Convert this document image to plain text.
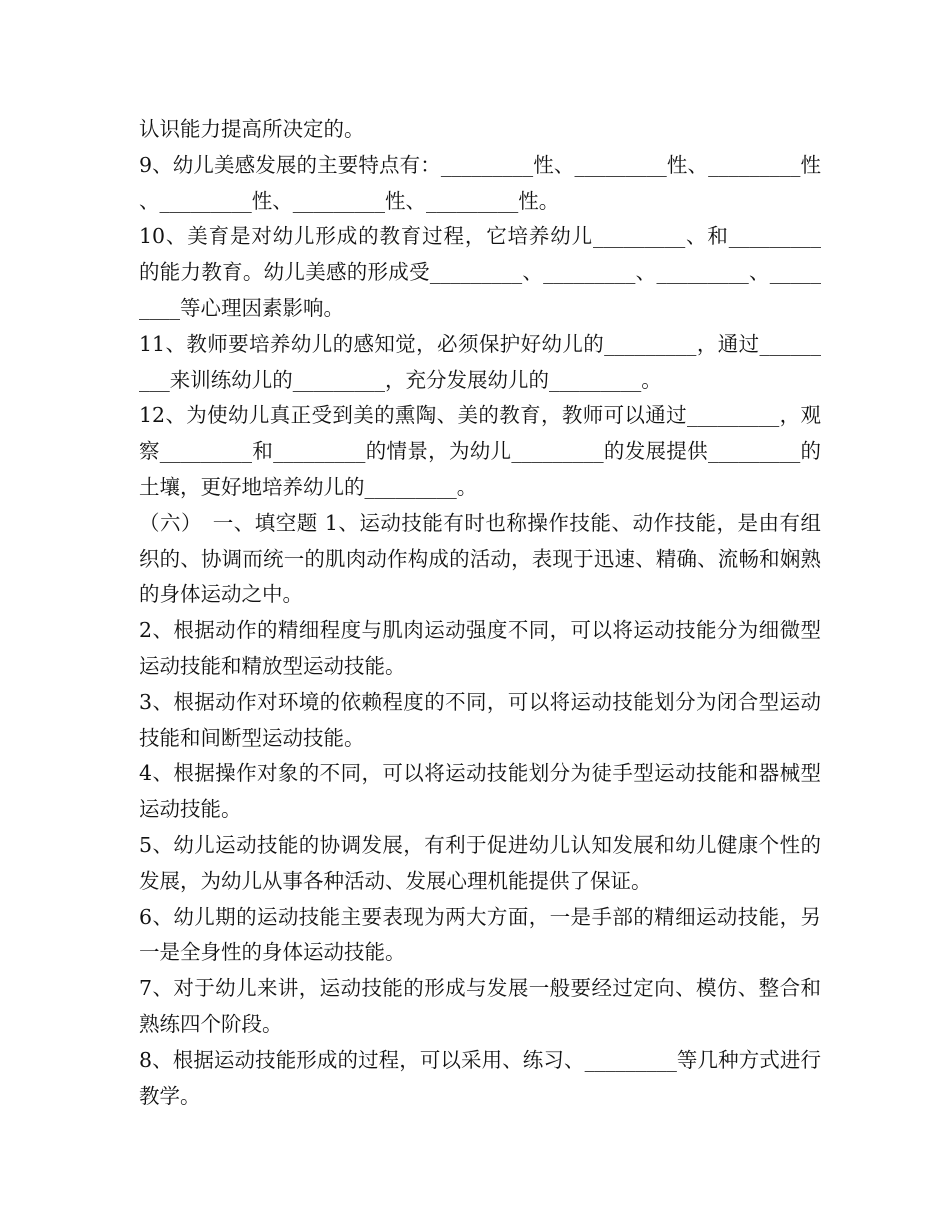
认识能力提高所决定的。

9、幼儿美感发展的主要特点有：_________性、_________性、_________性、_________性、_________性、_________性。

10、美育是对幼儿形成的教育过程，它培养幼儿_________、和_________的能力教育。幼儿美感的形成受_________、_________、_________、_________等心理因素影响。

11、教师要培养幼儿的感知觉，必须保护好幼儿的_________，通过_________来训练幼儿的_________，充分发展幼儿的_________。

12、为使幼儿真正受到美的熏陶、美的教育，教师可以通过_________，观察_________和_________的情景，为幼儿_________的发展提供_________的土壤，更好地培养幼儿的_________。

（六）　一、填空题 1、运动技能有时也称操作技能、动作技能，是由有组织的、协调而统一的肌肉动作构成的活动，表现于迅速、精确、流畅和娴熟的身体运动之中。

2、根据动作的精细程度与肌肉运动强度不同，可以将运动技能分为细微型运动技能和精放型运动技能。

3、根据动作对环境的依赖程度的不同，可以将运动技能划分为闭合型运动技能和间断型运动技能。

4、根据操作对象的不同，可以将运动技能划分为徒手型运动技能和器械型运动技能。

5、幼儿运动技能的协调发展，有利于促进幼儿认知发展和幼儿健康个性的发展，为幼儿从事各种活动、发展心理机能提供了保证。

6、幼儿期的运动技能主要表现为两大方面，一是手部的精细运动技能，另一是全身性的身体运动技能。

7、对于幼儿来讲，运动技能的形成与发展一般要经过定向、模仿、整合和熟练四个阶段。

8、根据运动技能形成的过程，可以采用、练习、_________等几种方式进行教学。
